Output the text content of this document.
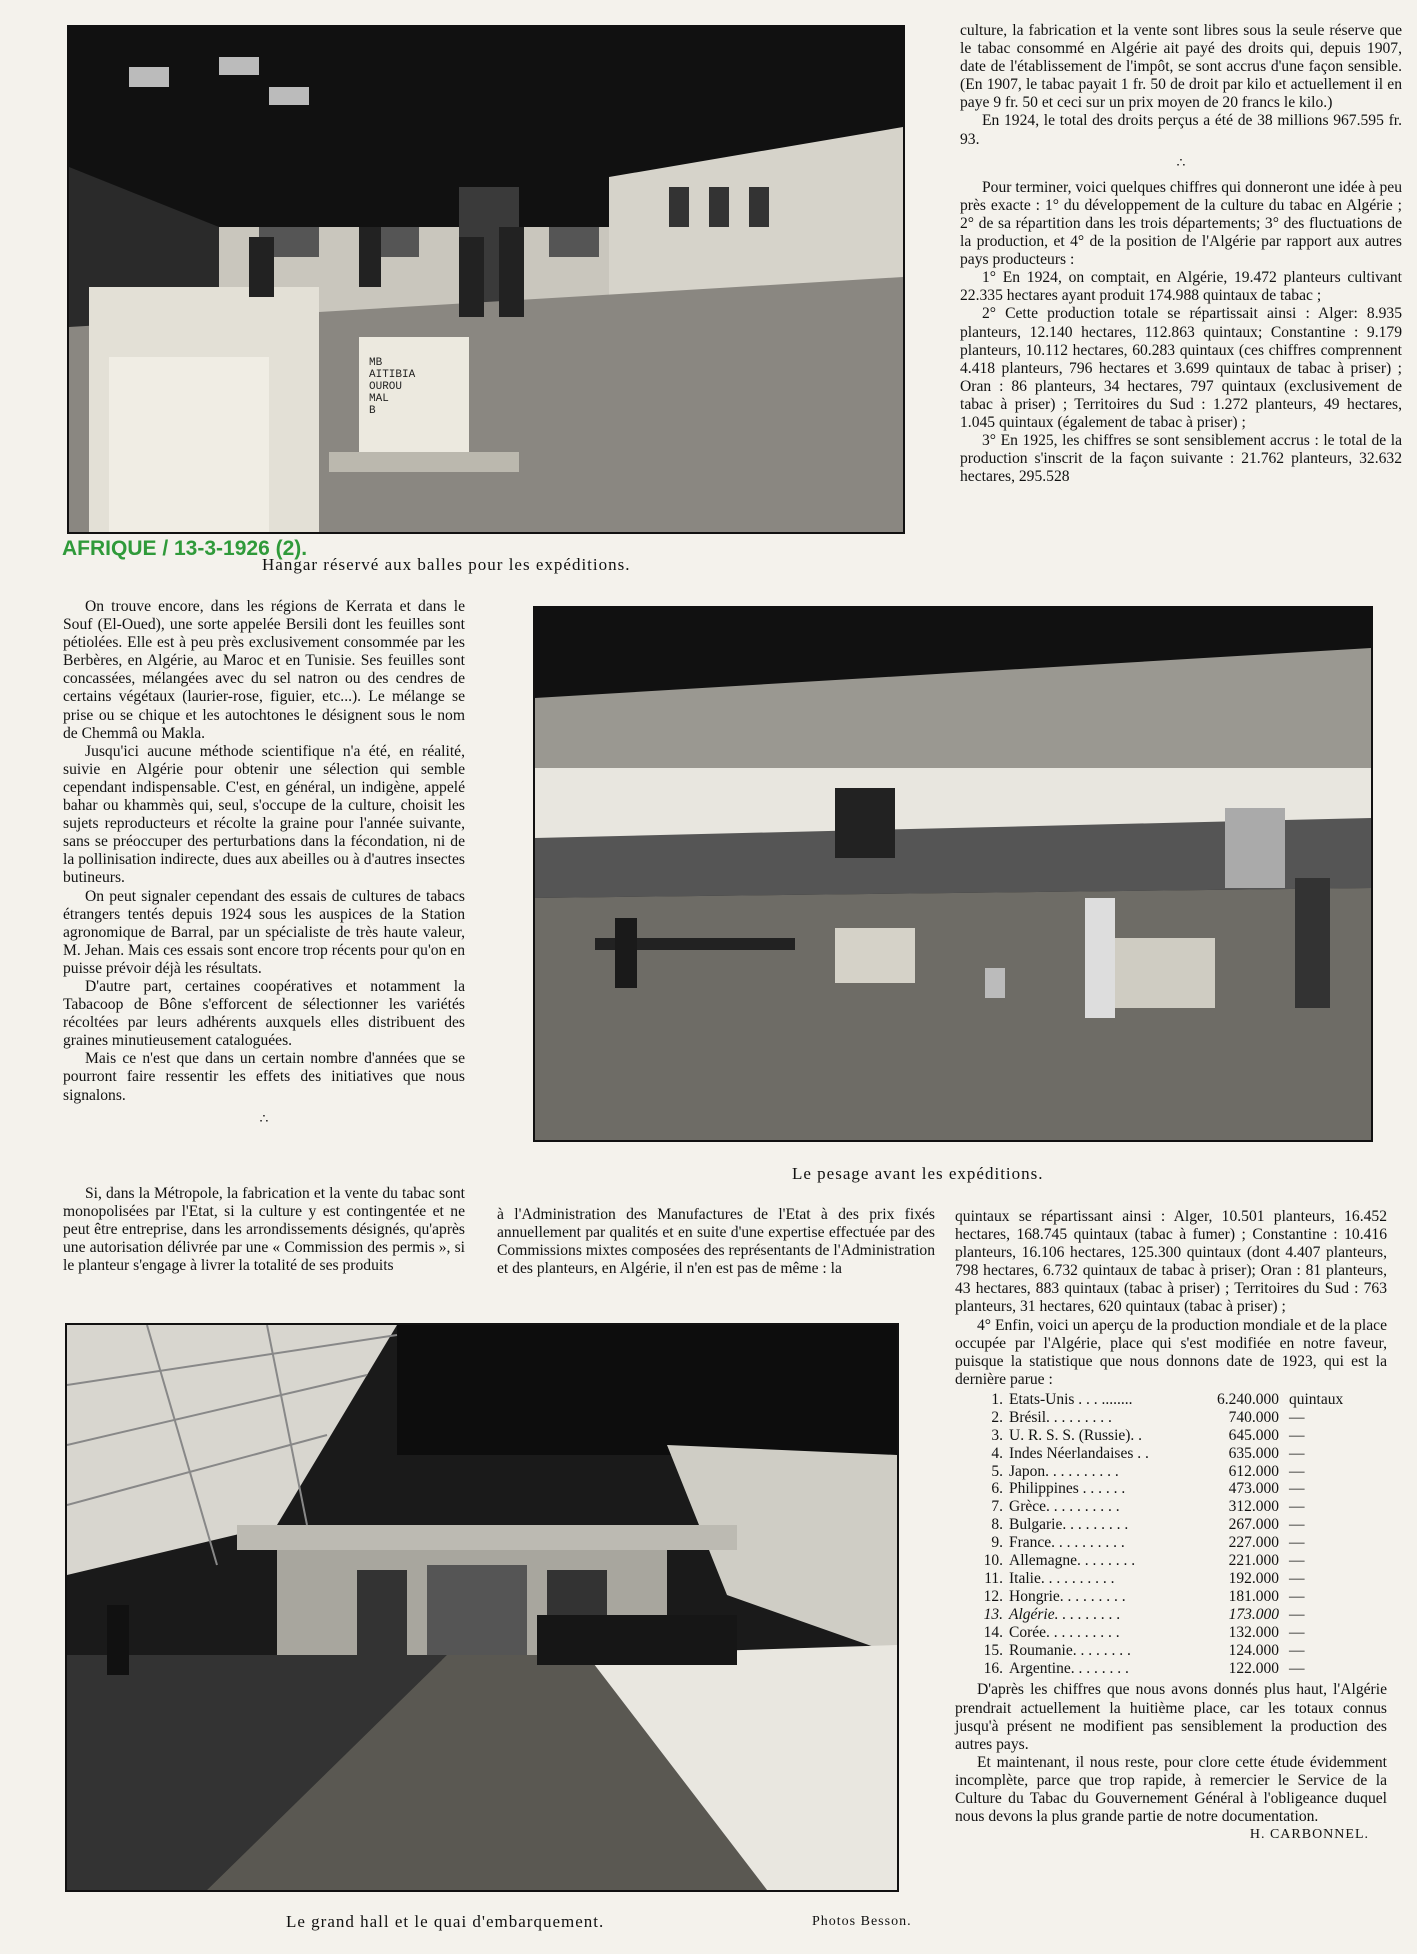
MB
AITIBIA
OUROU
MAL
B
AFRIQUE / 13-3-1926 (2).
Hangar réservé aux balles pour les expéditions.

culture, la fabrication et la vente sont libres sous la seule réserve que le tabac consommé en Algérie ait payé des droits qui, depuis 1907, date de l'établissement de l'impôt, se sont accrus d'une façon sensible. (En 1907, le tabac payait 1 fr. 50 de droit par kilo et actuellement il en paye 9 fr. 50 et ceci sur un prix moyen de 20 francs le kilo.)

En 1924, le total des droits perçus a été de 38 millions 967.595 fr. 93.

∴

Pour terminer, voici quelques chiffres qui donneront une idée à peu près exacte : 1° du développement de la culture du tabac en Algérie ; 2° de sa répartition dans les trois départements; 3° des fluctuations de la production, et 4° de la position de l'Algérie par rapport aux autres pays producteurs :

1° En 1924, on comptait, en Algérie, 19.472 planteurs cultivant 22.335 hectares ayant produit 174.988 quintaux de tabac ;

2° Cette production totale se répartissait ainsi : Alger: 8.935 planteurs, 12.140 hectares, 112.863 quintaux; Constantine : 9.179 planteurs, 10.112 hectares, 60.283 quintaux (ces chiffres comprennent 4.418 planteurs, 796 hectares et 3.699 quintaux de tabac à priser) ; Oran : 86 planteurs, 34 hectares, 797 quintaux (exclusivement de tabac à priser) ; Territoires du Sud : 1.272 planteurs, 49 hectares, 1.045 quintaux (également de tabac à priser) ;

3° En 1925, les chiffres se sont sensiblement accrus : le total de la production s'inscrit de la façon suivante : 21.762 planteurs, 32.632 hectares, 295.528

On trouve encore, dans les régions de Kerrata et dans le Souf (El-Oued), une sorte appelée Bersili dont les feuilles sont pétiolées. Elle est à peu près exclusivement consommée par les Berbères, en Algérie, au Maroc et en Tunisie. Ses feuilles sont concassées, mélangées avec du sel natron ou des cendres de certains végétaux (laurier-rose, figuier, etc...). Le mélange se prise ou se chique et les autochtones le désignent sous le nom de Chemmâ ou Makla.

Jusqu'ici aucune méthode scientifique n'a été, en réalité, suivie en Algérie pour obtenir une sélection qui semble cependant indispensable. C'est, en général, un indigène, appelé bahar ou khammès qui, seul, s'occupe de la culture, choisit les sujets reproducteurs et récolte la graine pour l'année suivante, sans se préoccuper des perturbations dans la fécondation, ni de la pollinisation indirecte, dues aux abeilles ou à d'autres insectes butineurs.

On peut signaler cependant des essais de cultures de tabacs étrangers tentés depuis 1924 sous les auspices de la Station agronomique de Barral, par un spécialiste de très haute valeur, M. Jehan. Mais ces essais sont encore trop récents pour qu'on en puisse prévoir déjà les résultats.

D'autre part, certaines coopératives et notamment la Tabacoop de Bône s'efforcent de sélectionner les variétés récoltées par leurs adhérents auxquels elles distribuent des graines minutieusement cataloguées.

Mais ce n'est que dans un certain nombre d'années que se pourront faire ressentir les effets des initiatives que nous signalons.

∴
Le pesage avant les expéditions.

Si, dans la Métropole, la fabrication et la vente du tabac sont monopolisées par l'Etat, si la culture y est contingentée et ne peut être entreprise, dans les arrondissements désignés, qu'après une autorisation délivrée par une « Commission des permis », si le planteur s'engage à livrer la totalité de ses produits

à l'Administration des Manufactures de l'Etat à des prix fixés annuellement par qualités et en suite d'une expertise effectuée par des Commissions mixtes composées des représentants de l'Administration et des planteurs, en Algérie, il n'en est pas de même : la

quintaux se répartissant ainsi : Alger, 10.501 planteurs, 16.452 hectares, 168.745 quintaux (tabac à fumer) ; Constantine : 10.416 planteurs, 16.106 hectares, 125.300 quintaux (dont 4.407 planteurs, 798 hectares, 6.732 quintaux de tabac à priser); Oran : 81 planteurs, 43 hectares, 883 quintaux (tabac à priser) ; Territoires du Sud : 763 planteurs, 31 hectares, 620 quintaux (tabac à priser) ;

4° Enfin, voici un aperçu de la production mondiale et de la place occupée par l'Algérie, place qui s'est modifiée en notre faveur, puisque la statistique que nous donnons date de 1923, qui est la dernière parue :

1.	Etats-Unis . . . ........	6.240.000	quintaux
2.	Brésil. . . . . . . . .	740.000	—
3.	U. R. S. S. (Russie). .	645.000	—
4.	Indes Néerlandaises . .	635.000	—
5.	Japon. . . . . . . . . .	612.000	—
6.	Philippines . . . . . .	473.000	—
7.	Grèce. . . . . . . . . .	312.000	—
8.	Bulgarie. . . . . . . . .	267.000	—
9.	France. . . . . . . . . .	227.000	—
10.	Allemagne. . . . . . . .	221.000	—
11.	Italie. . . . . . . . . .	192.000	—
12.	Hongrie. . . . . . . . .	181.000	—
13.	Algérie. . . . . . . . .	173.000	—
14.	Corée. . . . . . . . . .	132.000	—
15.	Roumanie. . . . . . . .	124.000	—
16.	Argentine. . . . . . . .	122.000	—

D'après les chiffres que nous avons donnés plus haut, l'Algérie prendrait actuellement la huitième place, car les totaux connus jusqu'à présent ne modifient pas sensiblement la production des autres pays.

Et maintenant, il nous reste, pour clore cette étude évidemment incomplète, parce que trop rapide, à remercier le Service de la Culture du Tabac du Gouvernement Général à l'obligeance duquel nous devons la plus grande partie de notre documentation.

H. CARBONNEL.
Le grand hall et le quai d'embarquement.	Photos Besson.
